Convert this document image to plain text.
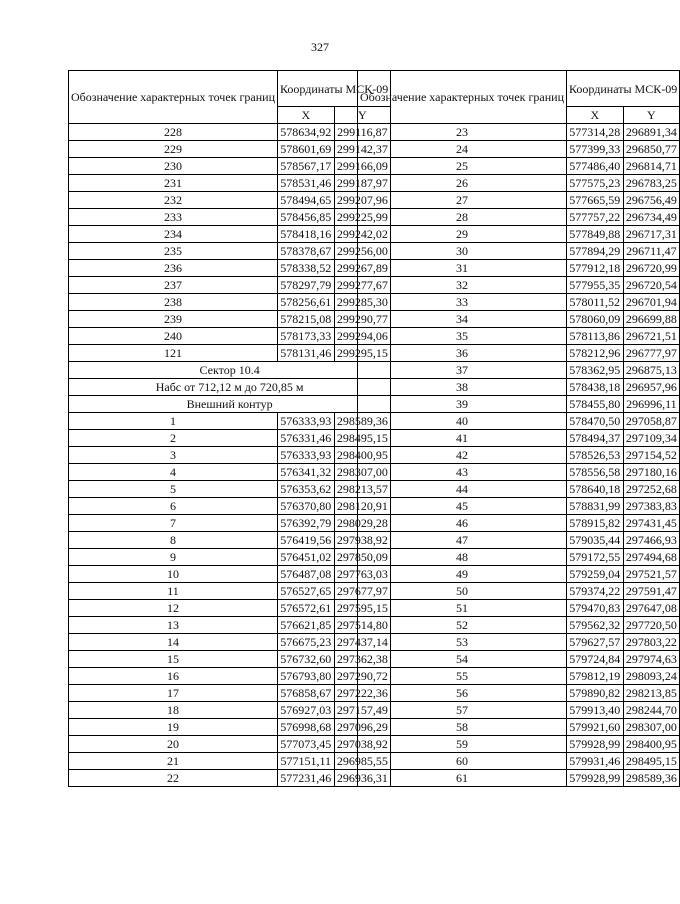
327
Обозначение характерных точек границ	Координаты МСК-09	
	X	Y
228	578634,92	299116,87
229	578601,69	299142,37
230	578567,17	299166,09
231	578531,46	299187,97
232	578494,65	299207,96
233	578456,85	299225,99
234	578418,16	299242,02
235	578378,67	299256,00
236	578338,52	299267,89
237	578297,79	299277,67
238	578256,61	299285,30
239	578215,08	299290,77
240	578173,33	299294,06
121	578131,46	299295,15
Сектор 10.4		
Набс от 712,12 м до 720,85 м		
Внешний контур		
1	576333,93	298589,36
2	576331,46	298495,15
3	576333,93	298400,95
4	576341,32	298307,00
5	576353,62	298213,57
6	576370,80	298120,91
7	576392,79	298029,28
8	576419,56	297938,92
9	576451,02	297850,09
10	576487,08	297763,03
11	576527,65	297677,97
12	576572,61	297595,15
13	576621,85	297514,80
14	576675,23	297437,14
15	576732,60	297362,38
16	576793,80	297290,72
17	576858,67	297222,36
18	576927,03	297157,49
19	576998,68	297096,29
20	577073,45	297038,92
21	577151,11	296985,55
22	577231,46	296936,31
Обозначение характерных точек границ	Координаты МСК-09	
	X	Y
23	577314,28	296891,34
24	577399,33	296850,77
25	577486,40	296814,71
26	577575,23	296783,25
27	577665,59	296756,49
28	577757,22	296734,49
29	577849,88	296717,31
30	577894,29	296711,47
31	577912,18	296720,99
32	577955,35	296720,54
33	578011,52	296701,94
34	578060,09	296699,88
35	578113,86	296721,51
36	578212,96	296777,97
37	578362,95	296875,13
38	578438,18	296957,96
39	578455,80	296996,11
40	578470,50	297058,87
41	578494,37	297109,34
42	578526,53	297154,52
43	578556,58	297180,16
44	578640,18	297252,68
45	578831,99	297383,83
46	578915,82	297431,45
47	579035,44	297466,93
48	579172,55	297494,68
49	579259,04	297521,57
50	579374,22	297591,47
51	579470,83	297647,08
52	579562,32	297720,50
53	579627,57	297803,22
54	579724,84	297974,63
55	579812,19	298093,24
56	579890,82	298213,85
57	579913,40	298244,70
58	579921,60	298307,00
59	579928,99	298400,95
60	579931,46	298495,15
61	579928,99	298589,36
